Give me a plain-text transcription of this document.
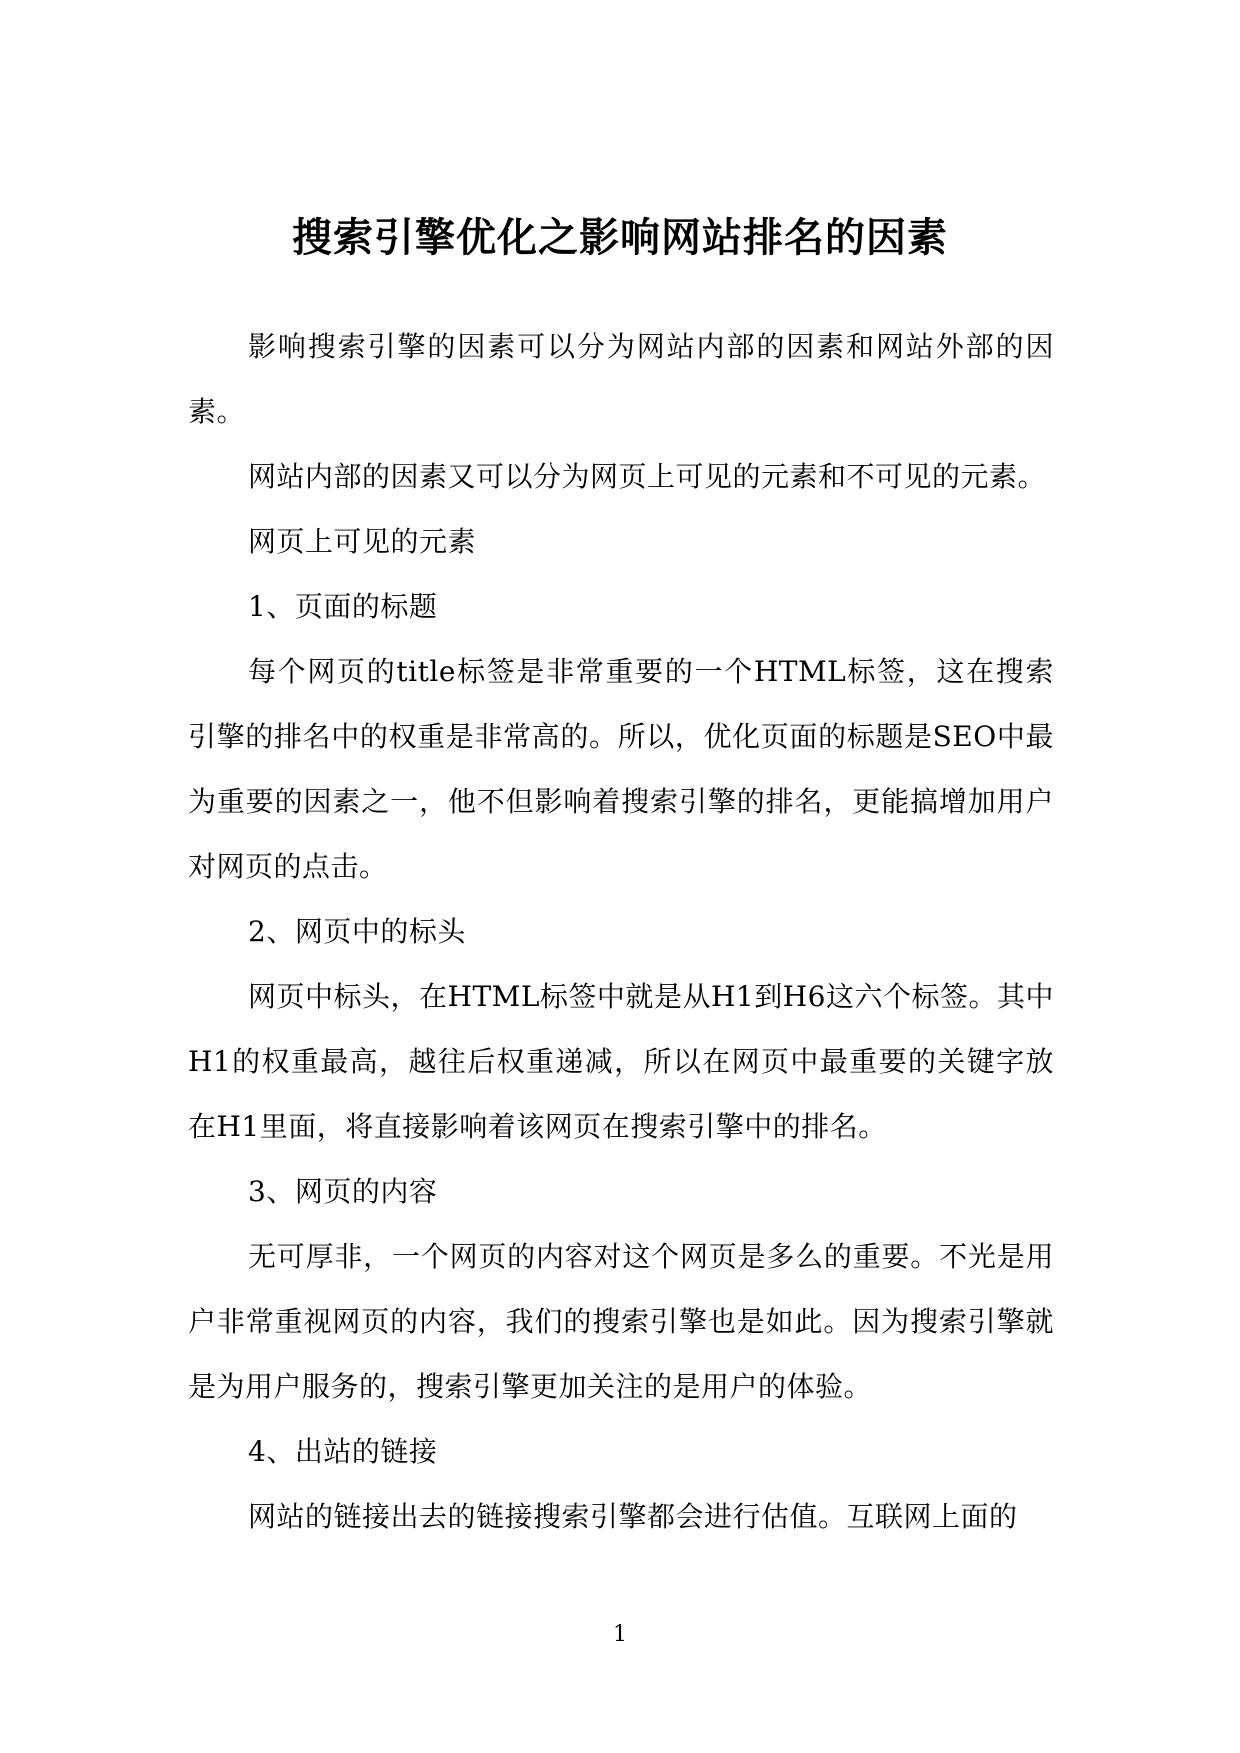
搜索引擎优化之影响网站排名的因素

影响搜索引擎的因素可以分为网站内部的因素和网站外部的因素。

网站内部的因素又可以分为网页上可见的元素和不可见的元素。

网页上可见的元素

1、页面的标题

每个网页的title标签是非常重要的一个HTML标签，这在搜索引擎的排名中的权重是非常高的。所以，优化页面的标题是SEO中最为重要的因素之一，他不但影响着搜索引擎的排名，更能搞增加用户对网页的点击。

2、网页中的标头

网页中标头，在HTML标签中就是从H1到H6这六个标签。其中H1的权重最高，越往后权重递减，所以在网页中最重要的关键字放在H1里面，将直接影响着该网页在搜索引擎中的排名。

3、网页的内容

无可厚非，一个网页的内容对这个网页是多么的重要。不光是用户非常重视网页的内容，我们的搜索引擎也是如此。因为搜索引擎就是为用户服务的，搜索引擎更加关注的是用户的体验。

4、出站的链接

网站的链接出去的链接搜索引擎都会进行估值。互联网上面的

1
